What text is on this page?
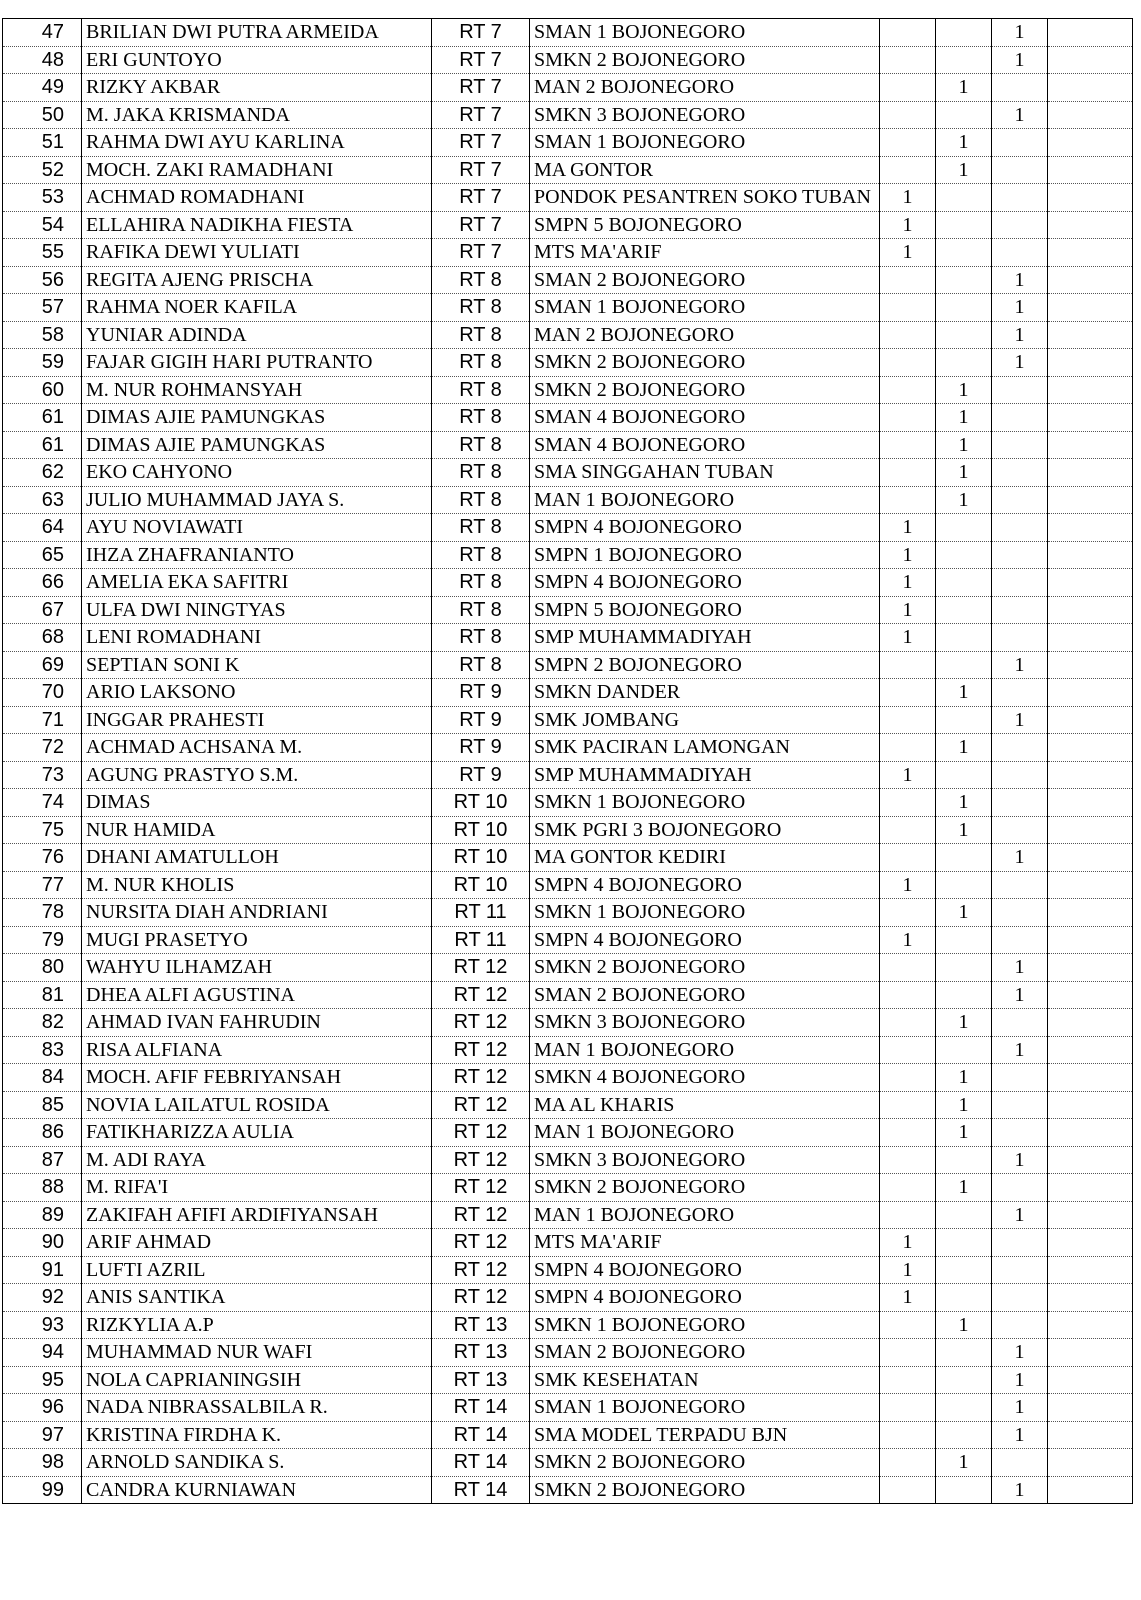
47	BRILIAN DWI PUTRA ARMEIDA	RT 7	SMAN 1 BOJONEGORO			1	
48	ERI GUNTOYO	RT 7	SMKN 2 BOJONEGORO			1	
49	RIZKY AKBAR	RT 7	MAN 2 BOJONEGORO		1		
50	M. JAKA KRISMANDA	RT 7	SMKN 3 BOJONEGORO			1	
51	RAHMA DWI AYU KARLINA	RT 7	SMAN 1 BOJONEGORO		1		
52	MOCH. ZAKI RAMADHANI	RT 7	MA GONTOR		1		
53	ACHMAD ROMADHANI	RT 7	PONDOK PESANTREN SOKO TUBAN	1			
54	ELLAHIRA NADIKHA FIESTA	RT 7	SMPN 5 BOJONEGORO	1			
55	RAFIKA DEWI YULIATI	RT 7	MTS MA'ARIF	1			
56	REGITA AJENG PRISCHA	RT 8	SMAN 2 BOJONEGORO			1	
57	RAHMA NOER KAFILA	RT 8	SMAN 1 BOJONEGORO			1	
58	YUNIAR ADINDA	RT 8	MAN 2 BOJONEGORO			1	
59	FAJAR GIGIH HARI PUTRANTO	RT 8	SMKN 2 BOJONEGORO			1	
60	M. NUR ROHMANSYAH	RT 8	SMKN 2 BOJONEGORO		1		
61	DIMAS AJIE PAMUNGKAS	RT 8	SMAN 4 BOJONEGORO		1		
61	DIMAS AJIE PAMUNGKAS	RT 8	SMAN 4 BOJONEGORO		1		
62	EKO CAHYONO	RT 8	SMA SINGGAHAN TUBAN		1		
63	JULIO MUHAMMAD JAYA S.	RT 8	MAN 1 BOJONEGORO		1		
64	AYU NOVIAWATI	RT 8	SMPN 4 BOJONEGORO	1			
65	IHZA ZHAFRANIANTO	RT 8	SMPN 1 BOJONEGORO	1			
66	AMELIA EKA SAFITRI	RT 8	SMPN 4 BOJONEGORO	1			
67	ULFA DWI NINGTYAS	RT 8	SMPN 5 BOJONEGORO	1			
68	LENI ROMADHANI	RT 8	SMP MUHAMMADIYAH	1			
69	SEPTIAN SONI K	RT 8	SMPN 2 BOJONEGORO			1	
70	ARIO LAKSONO	RT 9	SMKN DANDER		1		
71	INGGAR PRAHESTI	RT 9	SMK JOMBANG			1	
72	ACHMAD ACHSANA M.	RT 9	SMK PACIRAN LAMONGAN		1		
73	AGUNG PRASTYO S.M.	RT 9	SMP MUHAMMADIYAH	1			
74	DIMAS	RT 10	SMKN 1 BOJONEGORO		1		
75	NUR HAMIDA	RT 10	SMK PGRI 3 BOJONEGORO		1		
76	DHANI AMATULLOH	RT 10	MA GONTOR KEDIRI			1	
77	M. NUR KHOLIS	RT 10	SMPN 4 BOJONEGORO	1			
78	NURSITA DIAH ANDRIANI	RT 11	SMKN 1 BOJONEGORO		1		
79	MUGI PRASETYO	RT 11	SMPN 4 BOJONEGORO	1			
80	WAHYU ILHAMZAH	RT 12	SMKN 2 BOJONEGORO			1	
81	DHEA ALFI AGUSTINA	RT 12	SMAN 2 BOJONEGORO			1	
82	AHMAD IVAN FAHRUDIN	RT 12	SMKN 3 BOJONEGORO		1		
83	RISA ALFIANA	RT 12	MAN 1 BOJONEGORO			1	
84	MOCH. AFIF FEBRIYANSAH	RT 12	SMKN 4 BOJONEGORO		1		
85	NOVIA LAILATUL ROSIDA	RT 12	MA AL KHARIS		1		
86	FATIKHARIZZA AULIA	RT 12	MAN 1 BOJONEGORO		1		
87	M. ADI RAYA	RT 12	SMKN 3 BOJONEGORO			1	
88	M. RIFA'I	RT 12	SMKN 2 BOJONEGORO		1		
89	ZAKIFAH AFIFI ARDIFIYANSAH	RT 12	MAN 1 BOJONEGORO			1	
90	ARIF AHMAD	RT 12	MTS MA'ARIF	1			
91	LUFTI AZRIL	RT 12	SMPN 4 BOJONEGORO	1			
92	ANIS SANTIKA	RT 12	SMPN 4 BOJONEGORO	1			
93	RIZKYLIA A.P	RT 13	SMKN 1 BOJONEGORO		1		
94	MUHAMMAD NUR WAFI	RT 13	SMAN 2 BOJONEGORO			1	
95	NOLA CAPRIANINGSIH	RT 13	SMK KESEHATAN			1	
96	NADA NIBRASSALBILA R.	RT 14	SMAN 1 BOJONEGORO			1	
97	KRISTINA FIRDHA K.	RT 14	SMA MODEL TERPADU BJN			1	
98	ARNOLD SANDIKA S.	RT 14	SMKN 2 BOJONEGORO		1		
99	CANDRA KURNIAWAN	RT 14	SMKN 2 BOJONEGORO			1	
